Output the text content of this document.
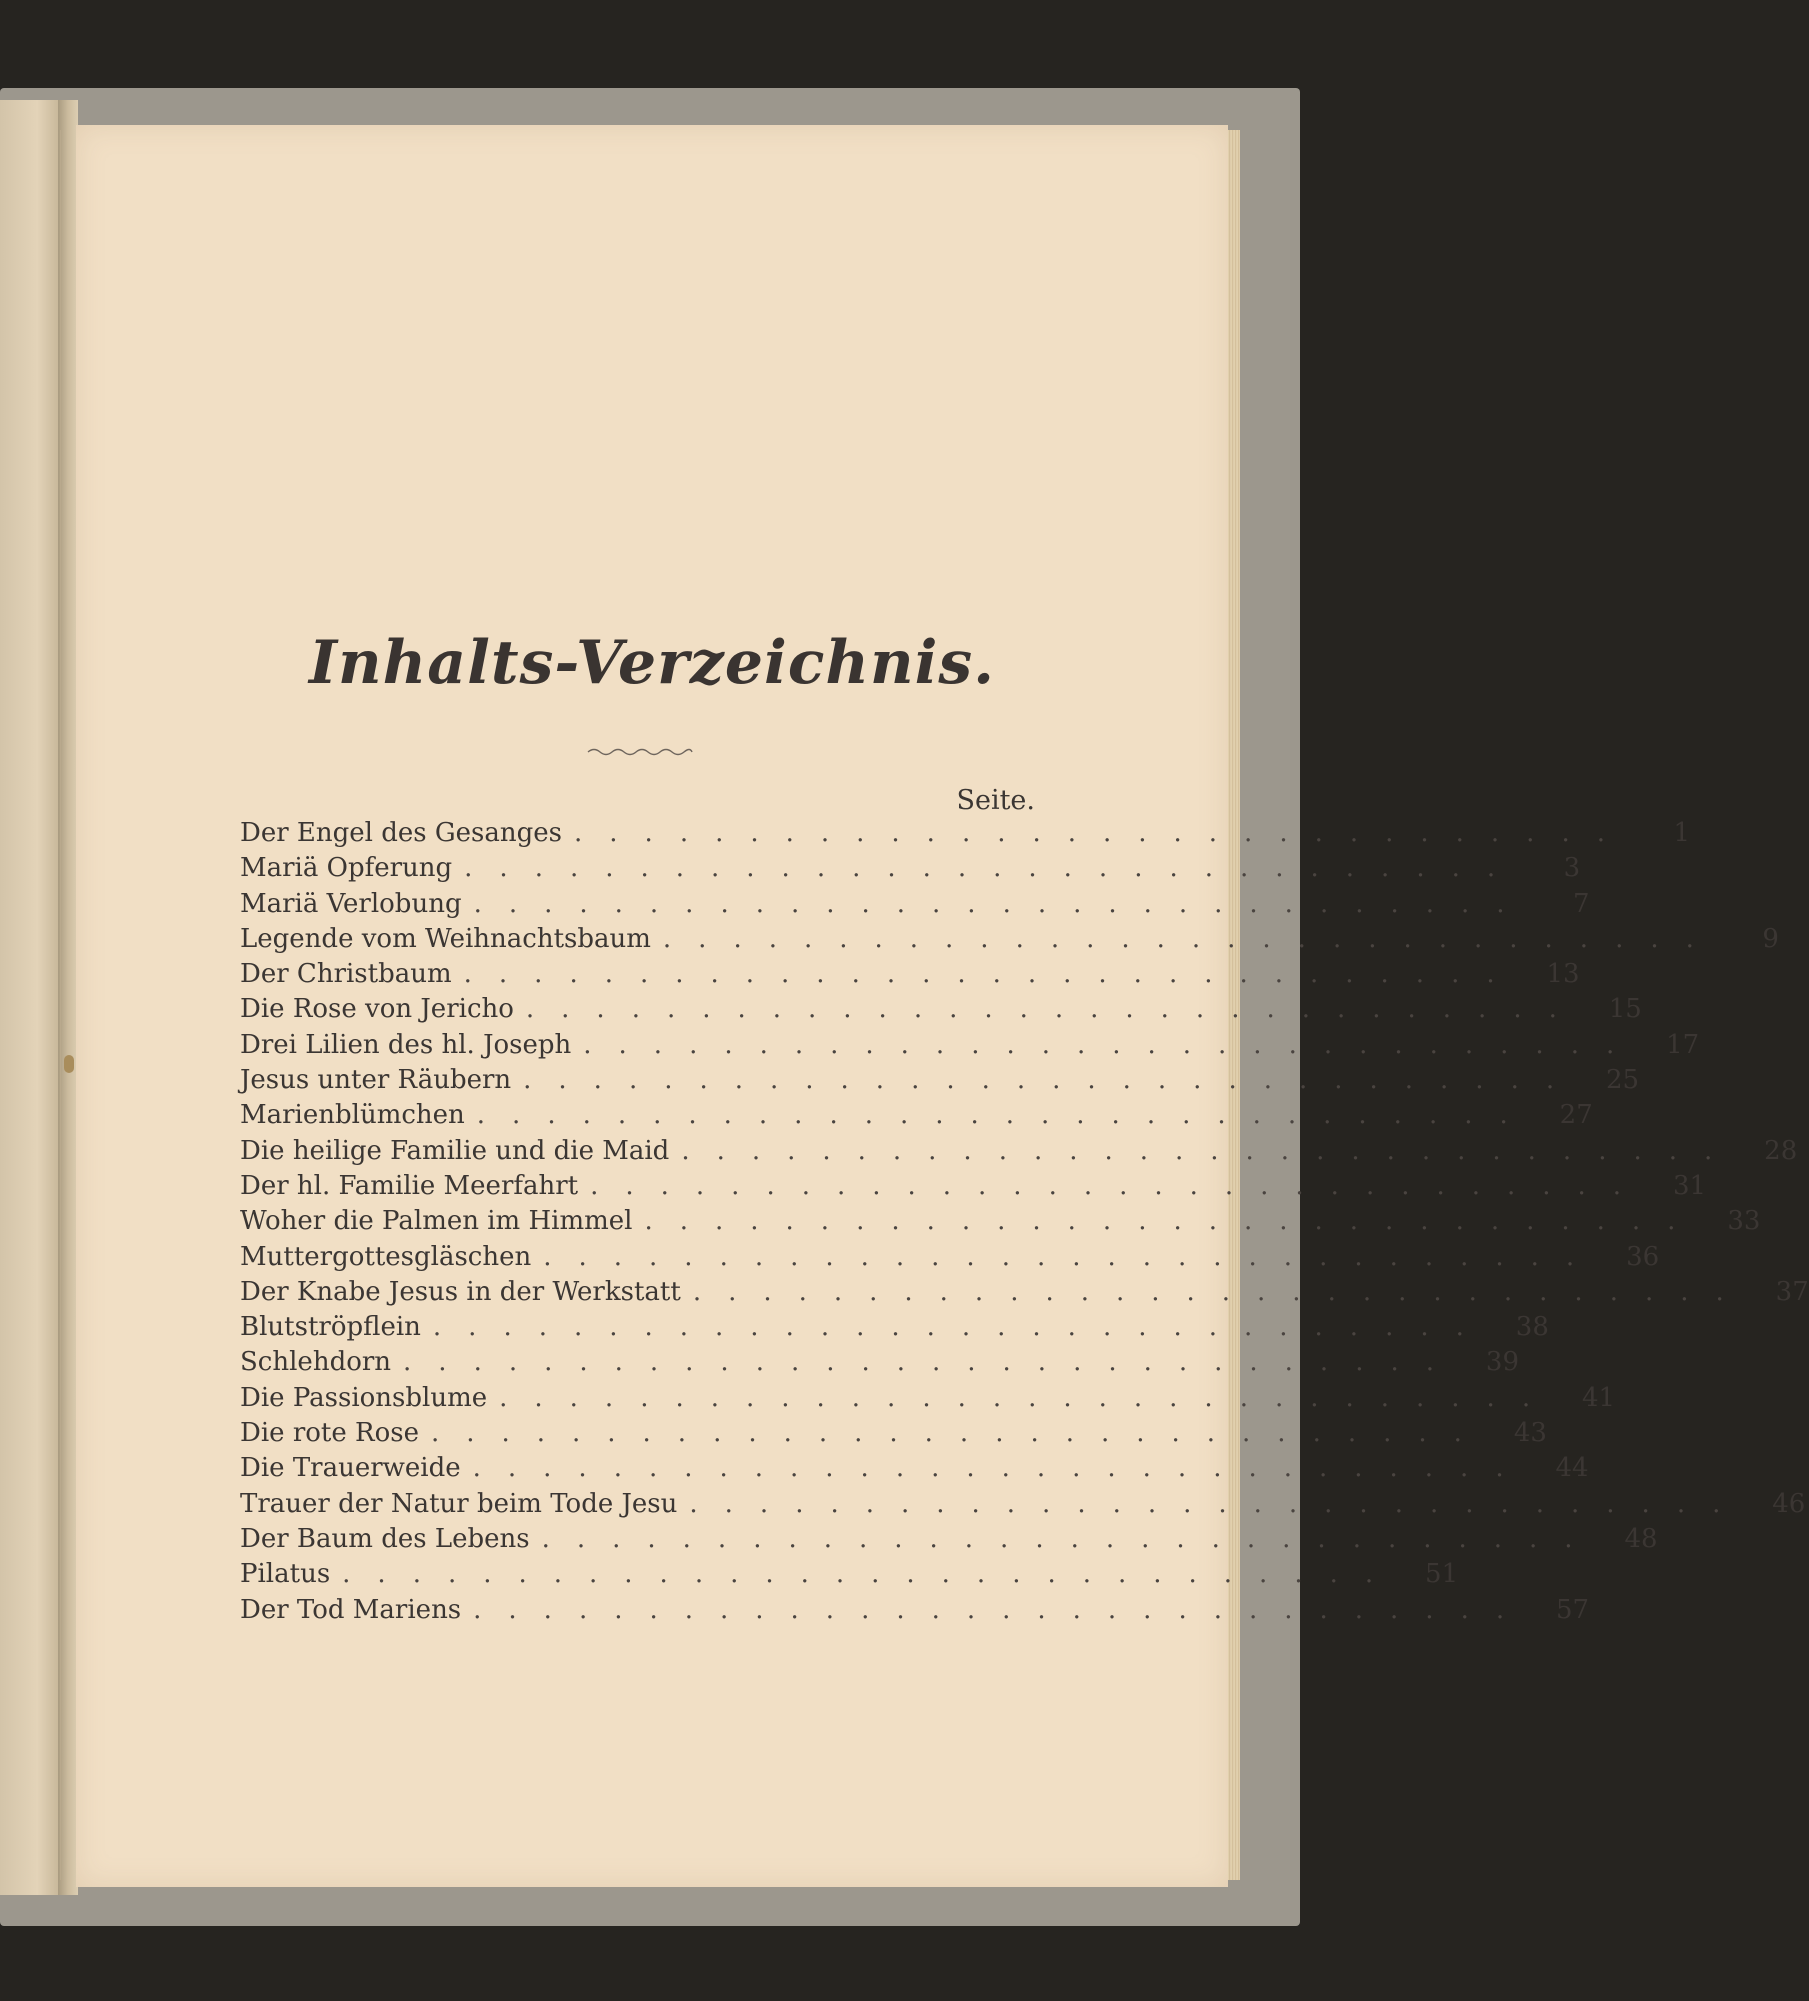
Inhalts-Verzeichnis.
Seite.
Der Engel des Gesanges ..............................	1
Mariä Opferung ..............................	3
Mariä Verlobung ..............................	7
Legende vom Weihnachtsbaum ..............................	9
Der Christbaum .............................. 13
Die Rose von Jericho .............................. 15
Drei Lilien des hl. Joseph .............................. 17
Jesus unter Räubern .............................. 25
Marienblümchen .............................. 27
Die heilige Familie und die Maid .............................. 28
Der hl. Familie Meerfahrt .............................. 31
Woher die Palmen im Himmel .............................. 33
Muttergottesgläschen .............................. 36
Der Knabe Jesus in der Werkstatt .............................. 37
Blutströpflein .............................. 38
Schlehdorn .............................. 39
Die Passionsblume .............................. 41
Die rote Rose .............................. 43
Die Trauerweide .............................. 44
Trauer der Natur beim Tode Jesu .............................. 46
Der Baum des Lebens .............................. 48
Pilatus .............................. 51
Der Tod Mariens .............................. 57
